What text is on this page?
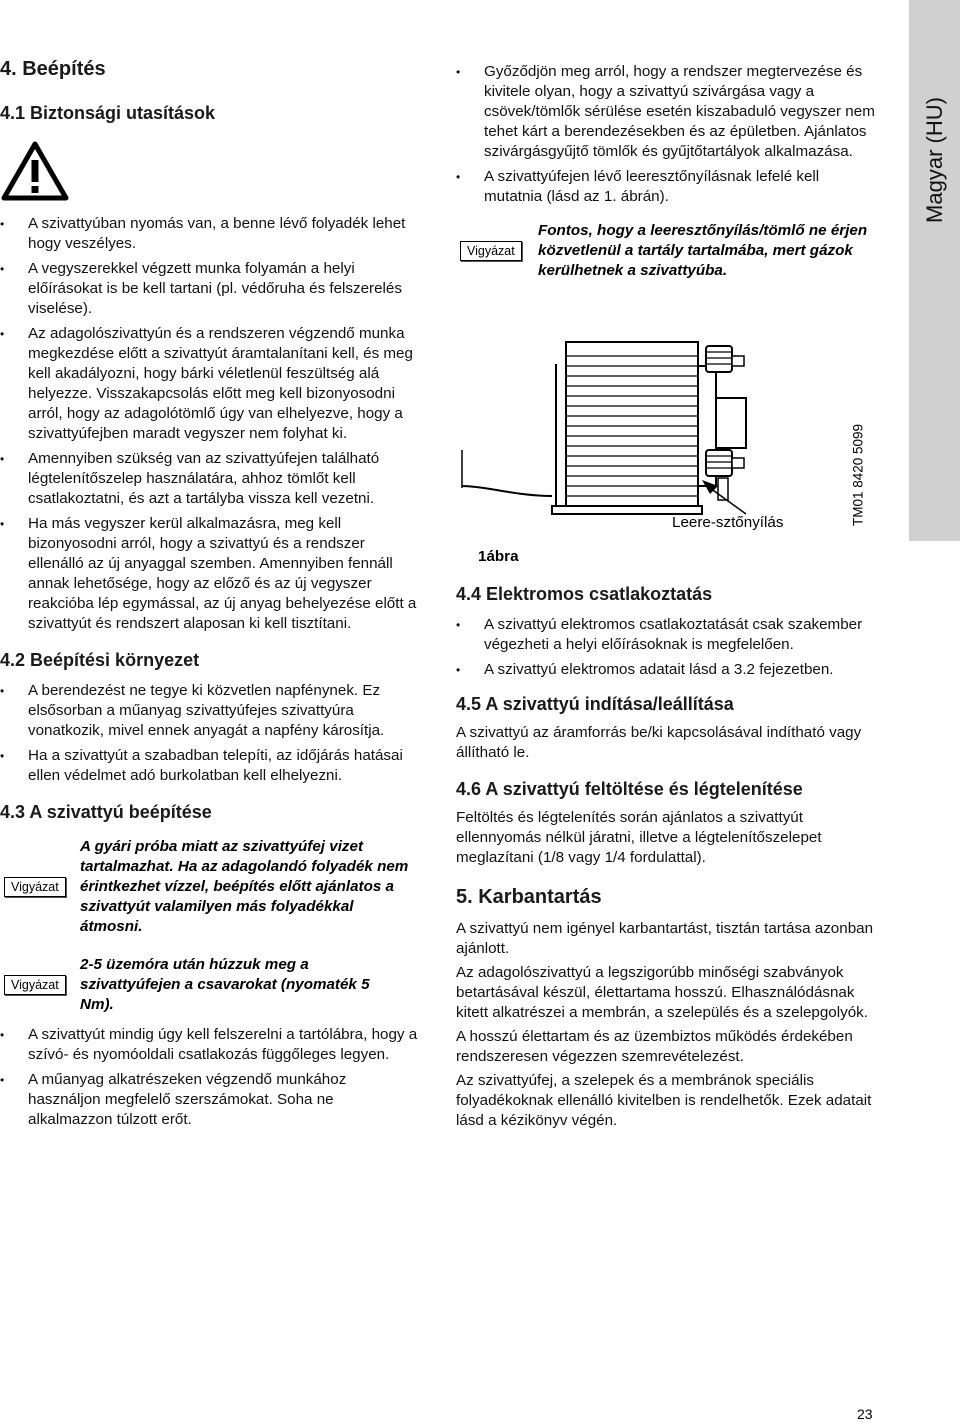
Magyar (HU)
4. Beépítés
4.1 Biztonsági utasítások

• A szivattyúban nyomás van, a benne lévő folyadék lehet hogy veszélyes.

• A vegyszerekkel végzett munka folyamán a helyi előírásokat is be kell tartani (pl. védőruha és felszerelés viselése).

• Az adagolószivattyún és a rendszeren végzendő munka megkezdése előtt a szivattyút áramtalanítani kell, és meg kell akadályozni, hogy bárki véletlenül feszültség alá helyezze. Visszakapcsolás előtt meg kell bizonyosodni arról, hogy az adagolótömlő úgy van elhelyezve, hogy a szivattyúfejben maradt vegyszer nem folyhat ki.

• Amennyiben szükség van az szivattyúfejen található légtelenítőszelep használatára, ahhoz tömlőt kell csatlakoztatni, és azt a tartályba vissza kell vezetni.

• Ha más vegyszer kerül alkalmazásra, meg kell bizonyosodni arról, hogy a szivattyú és a rendszer ellenálló az új anyaggal szemben. Amennyiben fennáll annak lehetősége, hogy az előző és az új vegyszer reakcióba lép egymással, az új anyag behelyezése előtt a szivattyút és rendszert alaposan ki kell tisztítani.

4.2 Beépítési környezet

• A berendezést ne tegye ki közvetlen napfénynek. Ez elsősorban a műanyag szivattyúfejes szivattyúra vonatkozik, mivel ennek anyagát a napfény károsítja.

• Ha a szivattyút a szabadban telepíti, az időjárás hatásai ellen védelmet adó burkolatban kell elhelyezni.

4.3 A szivattyú beépítése
Vigyázat
A gyári próba miatt az szivattyúfej vizet tartalmazhat. Ha az adagolandó folyadék nem érintkezhet vízzel, beépítés előtt ajánlatos a szivattyút valamilyen más folyadékkal átmosni.
Vigyázat
2-5 üzemóra után húzzuk meg a szivattyúfejen a csavarokat (nyomaték 5 Nm).

• A szivattyút mindig úgy kell felszerelni a tartólábra, hogy a szívó- és nyomóoldali csatlakozás függőleges legyen.

• A műanyag alkatrészeken végzendő munkához használjon megfelelő szerszámokat. Soha ne alkalmazzon túlzott erőt.

• Győződjön meg arról, hogy a rendszer megtervezése és kivitele olyan, hogy a szivattyú szivárgása vagy a csövek/tömlők sérülése esetén kiszabaduló vegyszer nem tehet kárt a berendezésekben és az épületben. Ajánlatos szivárgásgyűjtő tömlők és gyűjtőtartályok alkalmazása.

• A szivattyúfejen lévő leeresztőnyílásnak lefelé kell mutatnia (lásd az 1. ábrán).

Vigyázat
Fontos, hogy a leeresztőnyílás/tömlő ne érjen közvetlenül a tartály tartalmába, mert gázok kerülhetnek a szivattyúba.
Leere-sztőnyílás
1ábra
TM01 8420 5099
4.4 Elektromos csatlakoztatás

• A szivattyú elektromos csatlakoztatását csak szakember végezheti a helyi előírásoknak is megfelelően.

• A szivattyú elektromos adatait lásd a 3.2 fejezetben.

4.5 A szivattyú indítása/leállítása

A szivattyú az áramforrás be/ki kapcsolásával indítható vagy állítható le.

4.6 A szivattyú feltöltése és légtelenítése

Feltöltés és légtelenítés során ajánlatos a szivattyút ellennyomás nélkül járatni, illetve a légtelenítőszelepet meglazítani (1/8 vagy 1/4 fordulattal).

5. Karbantartás

A szivattyú nem igényel karbantartást, tisztán tartása azonban ajánlott.

Az adagolószivattyú a legszigorúbb minőségi szabványok betartásával készül, élettartama hosszú. Elhasználódásnak kitett alkatrészei a membrán, a szelepülés és a szelepgolyók.

A hosszú élettartam és az üzembiztos működés érdekében rendszeresen végezzen szemrevételezést.

Az szivattyúfej, a szelepek és a membránok speciális folyadékoknak ellenálló kivitelben is rendelhetők. Ezek adatait lásd a kézikönyv végén.

23
